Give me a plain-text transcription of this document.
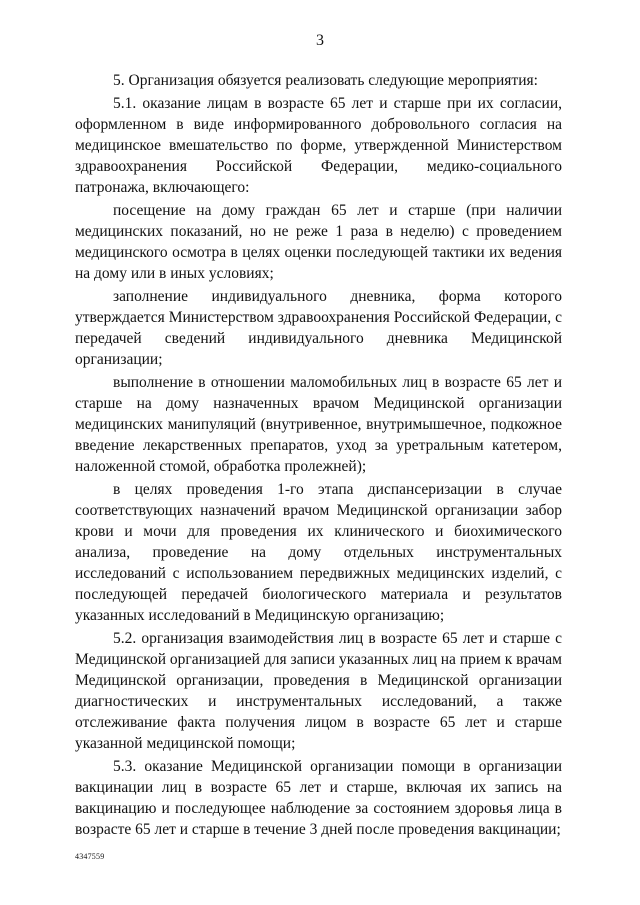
3

5. Организация обязуется реализовать следующие мероприятия:

5.1. оказание лицам в возрасте 65 лет и старше при их согласии, оформленном в виде информированного добровольного согласия на медицинское вмешательство по форме, утвержденной Министерством здравоохранения Российской Федерации, медико-социального патронажа, включающего:

посещение на дому граждан 65 лет и старше (при наличии медицинских показаний, но не реже 1 раза в неделю) с проведением медицинского осмотра в целях оценки последующей тактики их ведения на дому или в иных условиях;

заполнение индивидуального дневника, форма которого утверждается Министерством здравоохранения Российской Федерации, с передачей сведений индивидуального дневника Медицинской организации;

выполнение в отношении маломобильных лиц в возрасте 65 лет и старше на дому назначенных врачом Медицинской организации медицинских манипуляций (внутривенное, внутримышечное, подкожное введение лекарственных препаратов, уход за уретральным катетером, наложенной стомой, обработка пролежней);

в целях проведения 1-го этапа диспансеризации в случае соответствующих назначений врачом Медицинской организации забор крови и мочи для проведения их клинического и биохимического анализа, проведение на дому отдельных инструментальных исследований с использованием передвижных медицинских изделий, с последующей передачей биологического материала и результатов указанных исследований в Медицинскую организацию;

5.2. организация взаимодействия лиц в возрасте 65 лет и старше с Медицинской организацией для записи указанных лиц на прием к врачам Медицинской организации, проведения в Медицинской организации диагностических и инструментальных исследований, а также отслеживание факта получения лицом в возрасте 65 лет и старше указанной медицинской помощи;

5.3. оказание Медицинской организации помощи в организации вакцинации лиц в возрасте 65 лет и старше, включая их запись на вакцинацию и последующее наблюдение за состоянием здоровья лица в возрасте 65 лет и старше в течение 3 дней после проведения вакцинации;

4347559
